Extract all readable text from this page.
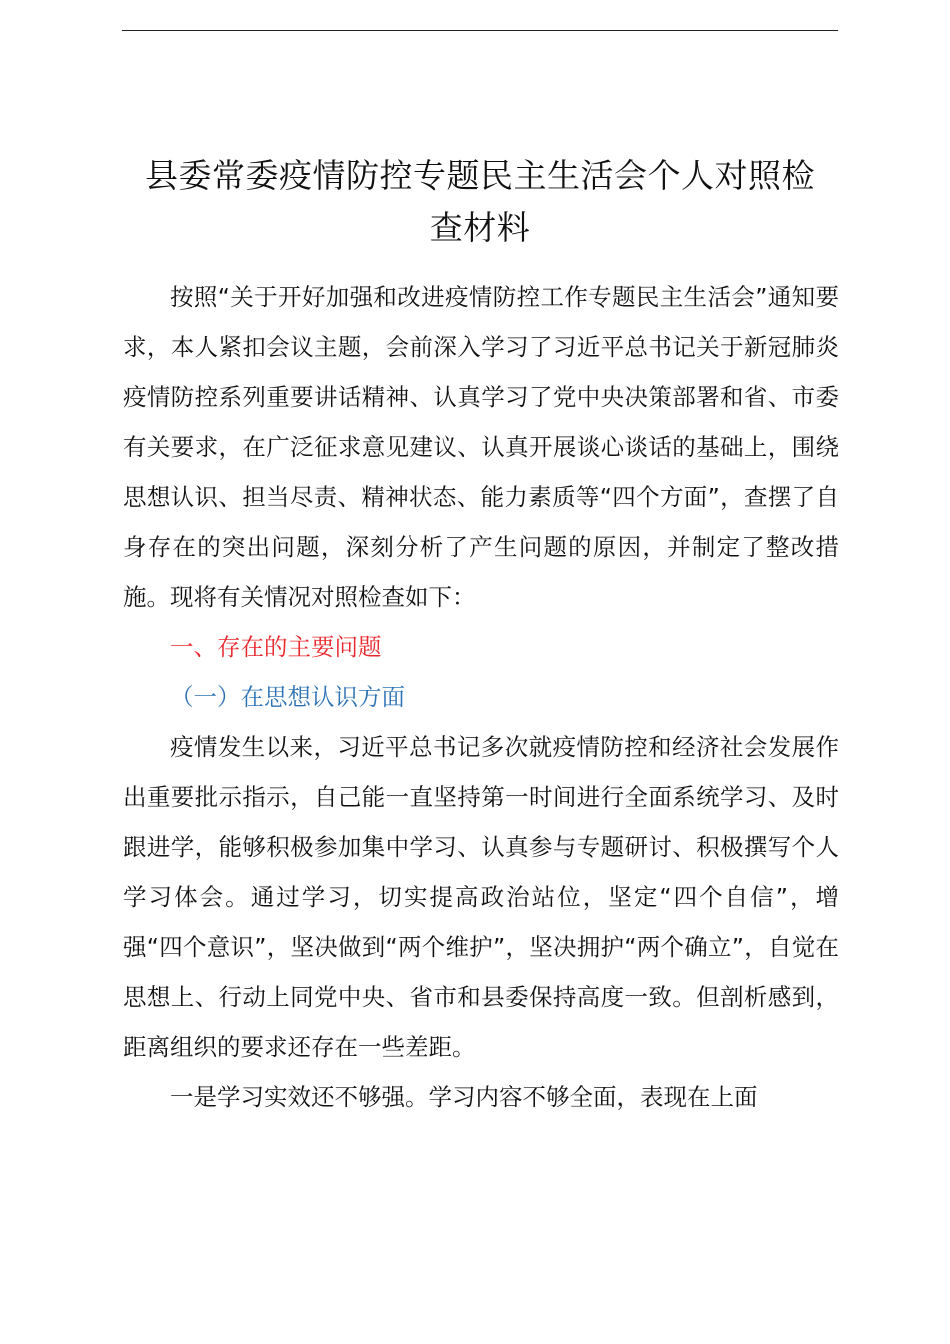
县委常委疫情防控专题民主生活会个人对照检
查材料

按照“关于开好加强和改进疫情防控工作专题民主生活会”通知要求，本人紧扣会议主题，会前深入学习了习近平总书记关于新冠肺炎疫情防控系列重要讲话精神、认真学习了党中央决策部署和省、市委有关要求，在广泛征求意见建议、认真开展谈心谈话的基础上，围绕思想认识、担当尽责、精神状态、能力素质等“四个方面”，查摆了自身存在的突出问题，深刻分析了产生问题的原因，并制定了整改措施。现将有关情况对照检查如下：

一、存在的主要问题

（一）在思想认识方面

疫情发生以来，习近平总书记多次就疫情防控和经济社会发展作出重要批示指示，自己能一直坚持第一时间进行全面系统学习、及时跟进学，能够积极参加集中学习、认真参与专题研讨、积极撰写个人学习体会。通过学习，切实提高政治站位，坚定“四个自信”，增强“四个意识”，坚决做到“两个维护”，坚决拥护“两个确立”，自觉在思想上、行动上同党中央、省市和县委保持高度一致。但剖析感到，距离组织的要求还存在一些差距。

一是学习实效还不够强。学习内容不够全面，表现在上面
